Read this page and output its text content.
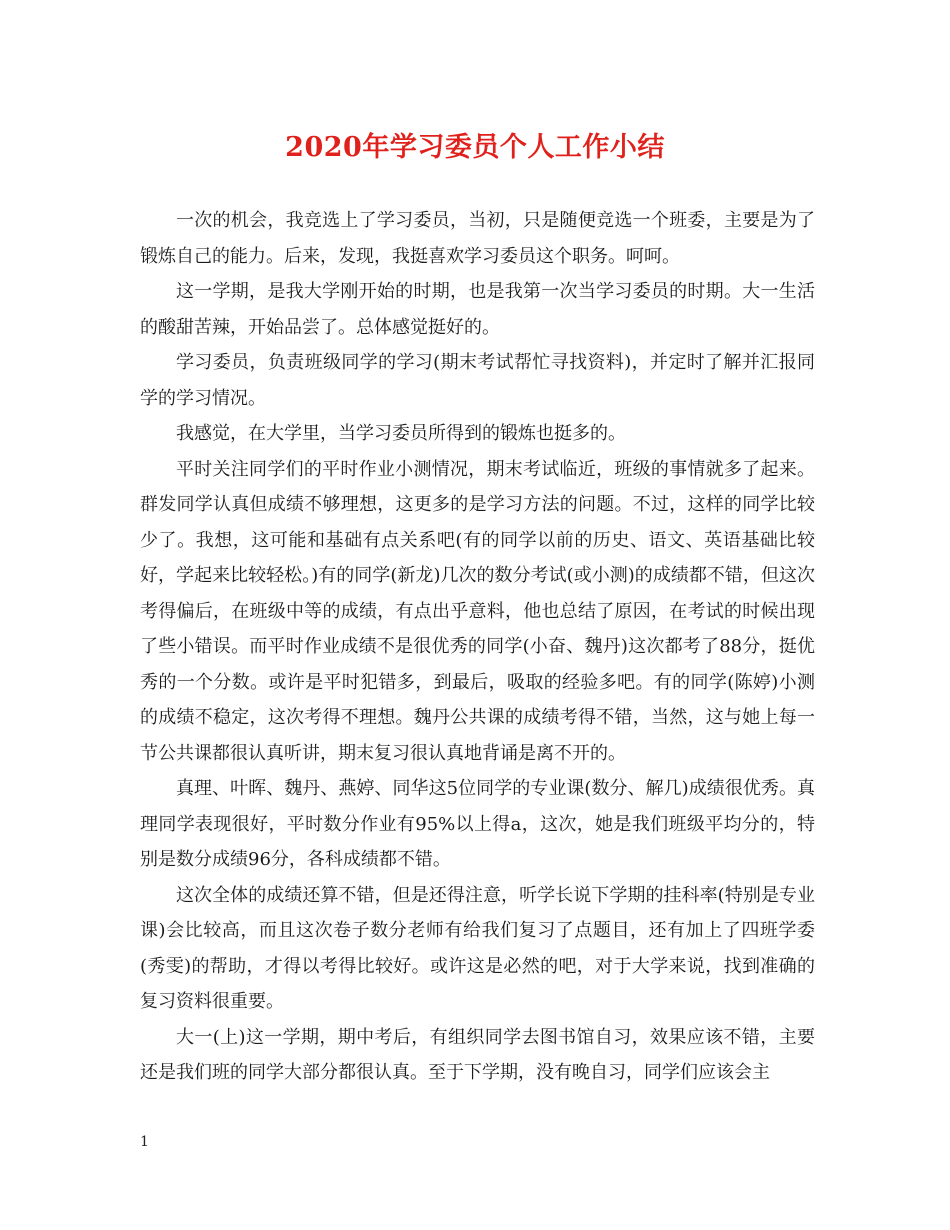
2020年学习委员个人工作小结

一次的机会，我竞选上了学习委员，当初，只是随便竞选一个班委，主要是为了锻炼自己的能力。后来，发现，我挺喜欢学习委员这个职务。呵呵。

这一学期，是我大学刚开始的时期，也是我第一次当学习委员的时期。大一生活的酸甜苦辣，开始品尝了。总体感觉挺好的。

学习委员，负责班级同学的学习(期末考试帮忙寻找资料)，并定时了解并汇报同学的学习情况。

我感觉，在大学里，当学习委员所得到的锻炼也挺多的。

平时关注同学们的平时作业小测情况，期末考试临近，班级的事情就多了起来。群发同学认真但成绩不够理想，这更多的是学习方法的问题。不过，这样的同学比较少了。我想，这可能和基础有点关系吧(有的同学以前的历史、语文、英语基础比较好，学起来比较轻松。)有的同学(新龙)几次的数分考试(或小测)的成绩都不错，但这次考得偏后，在班级中等的成绩，有点出乎意料，他也总结了原因，在考试的时候出现了些小错误。而平时作业成绩不是很优秀的同学(小奋、魏丹)这次都考了88分，挺优秀的一个分数。或许是平时犯错多，到最后，吸取的经验多吧。有的同学(陈婷)小测的成绩不稳定，这次考得不理想。魏丹公共课的成绩考得不错，当然，这与她上每一节公共课都很认真听讲，期末复习很认真地背诵是离不开的。

真理、叶晖、魏丹、燕婷、同华这5位同学的专业课(数分、解几)成绩很优秀。真理同学表现很好，平时数分作业有95%以上得a，这次，她是我们班级平均分的，特别是数分成绩96分，各科成绩都不错。

这次全体的成绩还算不错，但是还得注意，听学长说下学期的挂科率(特别是专业课)会比较高，而且这次卷子数分老师有给我们复习了点题目，还有加上了四班学委(秀雯)的帮助，才得以考得比较好。或许这是必然的吧，对于大学来说，找到准确的复习资料很重要。

大一(上)这一学期，期中考后，有组织同学去图书馆自习，效果应该不错，主要还是我们班的同学大部分都很认真。至于下学期，没有晚自习，同学们应该会主

1
